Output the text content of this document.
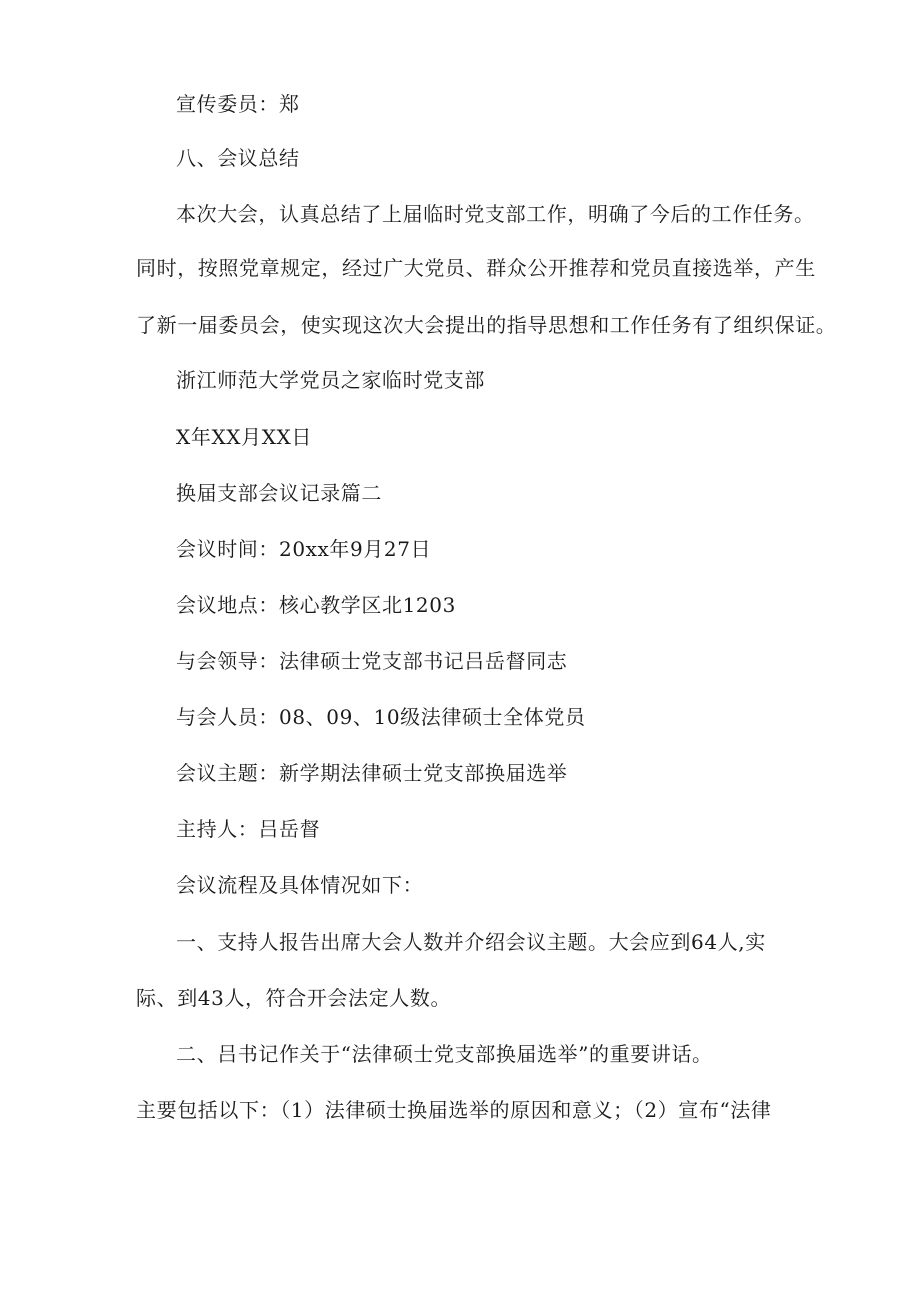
宣传委员：郑
八、会议总结
本次大会，认真总结了上届临时党支部工作，明确了今后的工作任务。
同时，按照党章规定，经过广大党员、群众公开推荐和党员直接选举，产生
了新一届委员会，使实现这次大会提出的指导思想和工作任务有了组织保证。
浙江师范大学党员之家临时党支部
X年XX月XX日
换届支部会议记录篇二
会议时间：20xx年9月27日
会议地点：核心教学区北1203
与会领导：法律硕士党支部书记吕岳督同志
与会人员：08、09、10级法律硕士全体党员
会议主题：新学期法律硕士党支部换届选举
主持人：吕岳督
会议流程及具体情况如下：
一、支持人报告出席大会人数并介绍会议主题。大会应到64人,实
际、到43人，符合开会法定人数。
二、吕书记作关于“法律硕士党支部换届选举”的重要讲话。
主要包括以下：（1）法律硕士换届选举的原因和意义；（2）宣布“法律
